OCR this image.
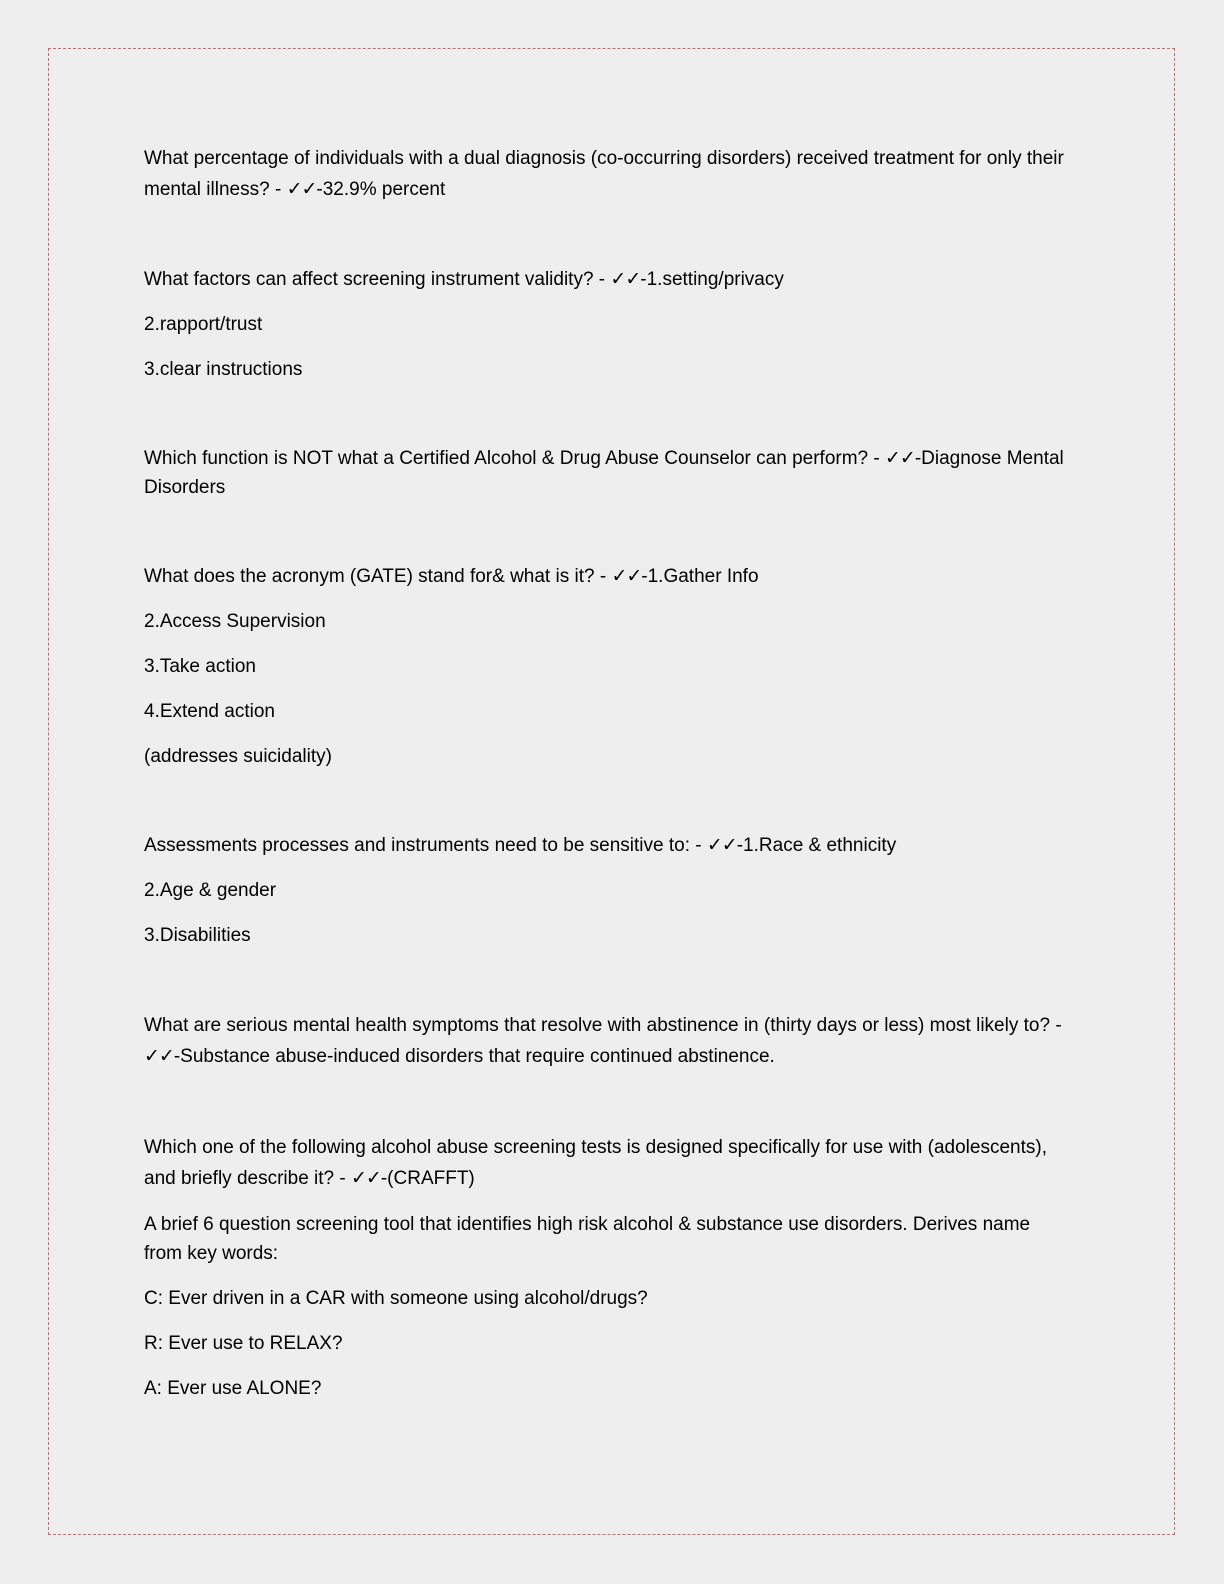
What percentage of individuals with a dual diagnosis (co-occurring disorders) received treatment for only their mental illness? - ✓✓-32.9% percent

What factors can affect screening instrument validity? - ✓✓-1.setting/privacy

2.rapport/trust

3.clear instructions

Which function is NOT what a Certified Alcohol & Drug Abuse Counselor can perform? - ✓✓-Diagnose Mental Disorders

What does the acronym (GATE) stand for& what is it? - ✓✓-1.Gather Info

2.Access Supervision

3.Take action

4.Extend action

(addresses suicidality)

Assessments processes and instruments need to be sensitive to: - ✓✓-1.Race & ethnicity

2.Age & gender

3.Disabilities

What are serious mental health symptoms that resolve with abstinence in (thirty days or less) most likely to? - ✓✓-Substance abuse-induced disorders that require continued abstinence.

Which one of the following alcohol abuse screening tests is designed specifically for use with (adolescents), and briefly describe it? - ✓✓-(CRAFFT)

A brief 6 question screening tool that identifies high risk alcohol & substance use disorders. Derives name from key words:

C: Ever driven in a CAR with someone using alcohol/drugs?

R: Ever use to RELAX?

A: Ever use ALONE?
